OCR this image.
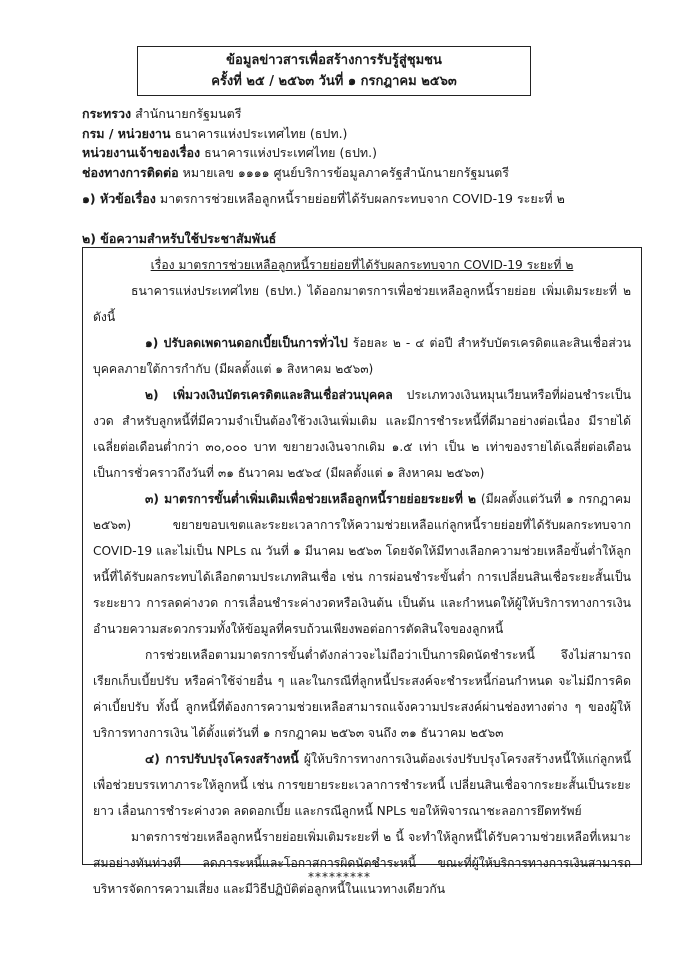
ข้อมูลข่าวสารเพื่อสร้างการรับรู้สู่ชุมชน
ครั้งที่ ๒๕ / ๒๕๖๓ วันที่ ๑ กรกฎาคม ๒๕๖๓
กระทรวง สำนักนายกรัฐมนตรี
กรม / หน่วยงาน ธนาคารแห่งประเทศไทย (ธปท.)
หน่วยงานเจ้าของเรื่อง ธนาคารแห่งประเทศไทย (ธปท.)
ช่องทางการติดต่อ หมายเลข ๑๑๑๑ ศูนย์บริการข้อมูลภาครัฐสำนักนายกรัฐมนตรี
๑) หัวข้อเรื่อง มาตรการช่วยเหลือลูกหนี้รายย่อยที่ได้รับผลกระทบจาก COVID-19 ระยะที่ ๒
๒) ข้อความสำหรับใช้ประชาสัมพันธ์

เรื่อง มาตรการช่วยเหลือลูกหนี้รายย่อยที่ได้รับผลกระทบจาก COVID-19 ระยะที่ ๒

ธนาคารแห่งประเทศไทย (ธปท.) ได้ออกมาตรการเพื่อช่วยเหลือลูกหนี้รายย่อย เพิ่มเติมระยะที่ ๒ ดังนี้

๑) ปรับลดเพดานดอกเบี้ยเป็นการทั่วไป ร้อยละ ๒ - ๔ ต่อปี สำหรับบัตรเครดิตและสินเชื่อส่วนบุคคลภายใต้การกำกับ (มีผลตั้งแต่ ๑ สิงหาคม ๒๕๖๓)

๒) เพิ่มวงเงินบัตรเครดิตและสินเชื่อส่วนบุคคล ประเภทวงเงินหมุนเวียนหรือที่ผ่อนชำระเป็นงวด สำหรับลูกหนี้ที่มีความจำเป็นต้องใช้วงเงินเพิ่มเติม และมีการชำระหนี้ที่ดีมาอย่างต่อเนื่อง มีรายได้เฉลี่ยต่อเดือนต่ำกว่า ๓๐,๐๐๐ บาท ขยายวงเงินจากเดิม ๑.๕ เท่า เป็น ๒ เท่าของรายได้เฉลี่ยต่อเดือน เป็นการชั่วคราวถึงวันที่ ๓๑ ธันวาคม ๒๕๖๔ (มีผลตั้งแต่ ๑ สิงหาคม ๒๕๖๓)

๓) มาตรการขั้นต่ำเพิ่มเติมเพื่อช่วยเหลือลูกหนี้รายย่อยระยะที่ ๒ (มีผลตั้งแต่วันที่ ๑ กรกฎาคม ๒๕๖๓) ขยายขอบเขตและระยะเวลาการให้ความช่วยเหลือแก่ลูกหนี้รายย่อยที่ได้รับผลกระทบจาก COVID-19 และไม่เป็น NPLs ณ วันที่ ๑ มีนาคม ๒๕๖๓ โดยจัดให้มีทางเลือกความช่วยเหลือขั้นต่ำให้ลูกหนี้ที่ได้รับผลกระทบได้เลือกตามประเภทสินเชื่อ เช่น การผ่อนชำระขั้นต่ำ การเปลี่ยนสินเชื่อระยะสั้นเป็นระยะยาว การลดค่างวด การเลื่อนชำระค่างวดหรือเงินต้น เป็นต้น และกำหนดให้ผู้ให้บริการทางการเงินอำนวยความสะดวกรวมทั้งให้ข้อมูลที่ครบถ้วนเพียงพอต่อการตัดสินใจของลูกหนี้

การช่วยเหลือตามมาตรการขั้นต่ำดังกล่าวจะไม่ถือว่าเป็นการผิดนัดชำระหนี้ จึงไม่สามารถเรียกเก็บเบี้ยปรับ หรือค่าใช้จ่ายอื่น ๆ และในกรณีที่ลูกหนี้ประสงค์จะชำระหนี้ก่อนกำหนด จะไม่มีการคิดค่าเบี้ยปรับ ทั้งนี้ ลูกหนี้ที่ต้องการความช่วยเหลือสามารถแจ้งความประสงค์ผ่านช่องทางต่าง ๆ ของผู้ให้บริการทางการเงิน ได้ตั้งแต่วันที่ ๑ กรกฎาคม ๒๕๖๓ จนถึง ๓๑ ธันวาคม ๒๕๖๓

๔) การปรับปรุงโครงสร้างหนี้ ผู้ให้บริการทางการเงินต้องเร่งปรับปรุงโครงสร้างหนี้ให้แก่ลูกหนี้ เพื่อช่วยบรรเทาภาระให้ลูกหนี้ เช่น การขยายระยะเวลาการชำระหนี้ เปลี่ยนสินเชื่อจากระยะสั้นเป็นระยะยาว เลื่อนการชำระค่างวด ลดดอกเบี้ย และกรณีลูกหนี้ NPLs ขอให้พิจารณาชะลอการยึดทรัพย์

มาตรการช่วยเหลือลูกหนี้รายย่อยเพิ่มเติมระยะที่ ๒ นี้ จะทำให้ลูกหนี้ได้รับความช่วยเหลือที่เหมาะสมอย่างทันท่วงที ลดภาระหนี้และโอกาสการผิดนัดชำระหนี้ ขณะที่ผู้ให้บริการทางการเงินสามารถบริหารจัดการความเสี่ยง และมีวิธีปฏิบัติต่อลูกหนี้ในแนวทางเดียวกัน

*********
